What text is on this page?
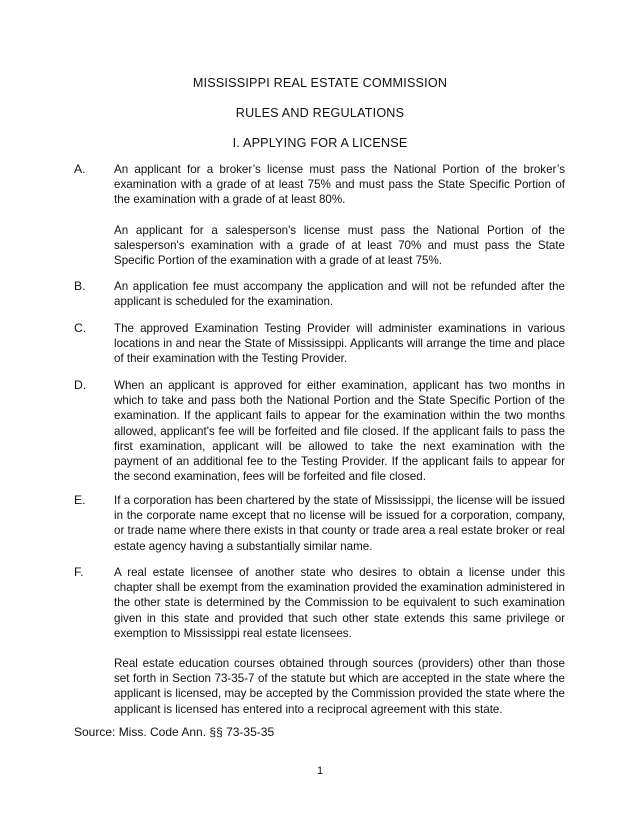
MISSISSIPPI REAL ESTATE COMMISSION
RULES AND REGULATIONS
I. APPLYING FOR A LICENSE
A. An applicant for a broker’s license must pass the National Portion of the broker’s examination with a grade of at least 75% and must pass the State Specific Portion of the examination with a grade of at least 80%.
An applicant for a salesperson's license must pass the National Portion of the salesperson's examination with a grade of at least 70% and must pass the State Specific Portion of the examination with a grade of at least 75%.
B. An application fee must accompany the application and will not be refunded after the applicant is scheduled for the examination.
C. The approved Examination Testing Provider will administer examinations in various locations in and near the State of Mississippi. Applicants will arrange the time and place of their examination with the Testing Provider.
D. When an applicant is approved for either examination, applicant has two months in which to take and pass both the National Portion and the State Specific Portion of the examination. If the applicant fails to appear for the examination within the two months allowed, applicant's fee will be forfeited and file closed. If the applicant fails to pass the first examination, applicant will be allowed to take the next examination with the payment of an additional fee to the Testing Provider. If the applicant fails to appear for the second examination, fees will be forfeited and file closed.
E. If a corporation has been chartered by the state of Mississippi, the license will be issued in the corporate name except that no license will be issued for a corporation, company, or trade name where there exists in that county or trade area a real estate broker or real estate agency having a substantially similar name.
F.	A real estate licensee of another state who desires to obtain a license under this chapter shall be exempt from the examination provided the examination administered in the other state is determined by the Commission to be equivalent to such examination given in this state and provided that such other state extends this same privilege or exemption to Mississippi real estate licensees.
Real estate education courses obtained through sources (providers) other than those set forth in Section 73-35-7 of the statute but which are accepted in the state where the applicant is licensed, may be accepted by the Commission provided the state where the applicant is licensed has entered into a reciprocal agreement with this state.
Source: Miss. Code Ann. §§ 73-35-35
1
